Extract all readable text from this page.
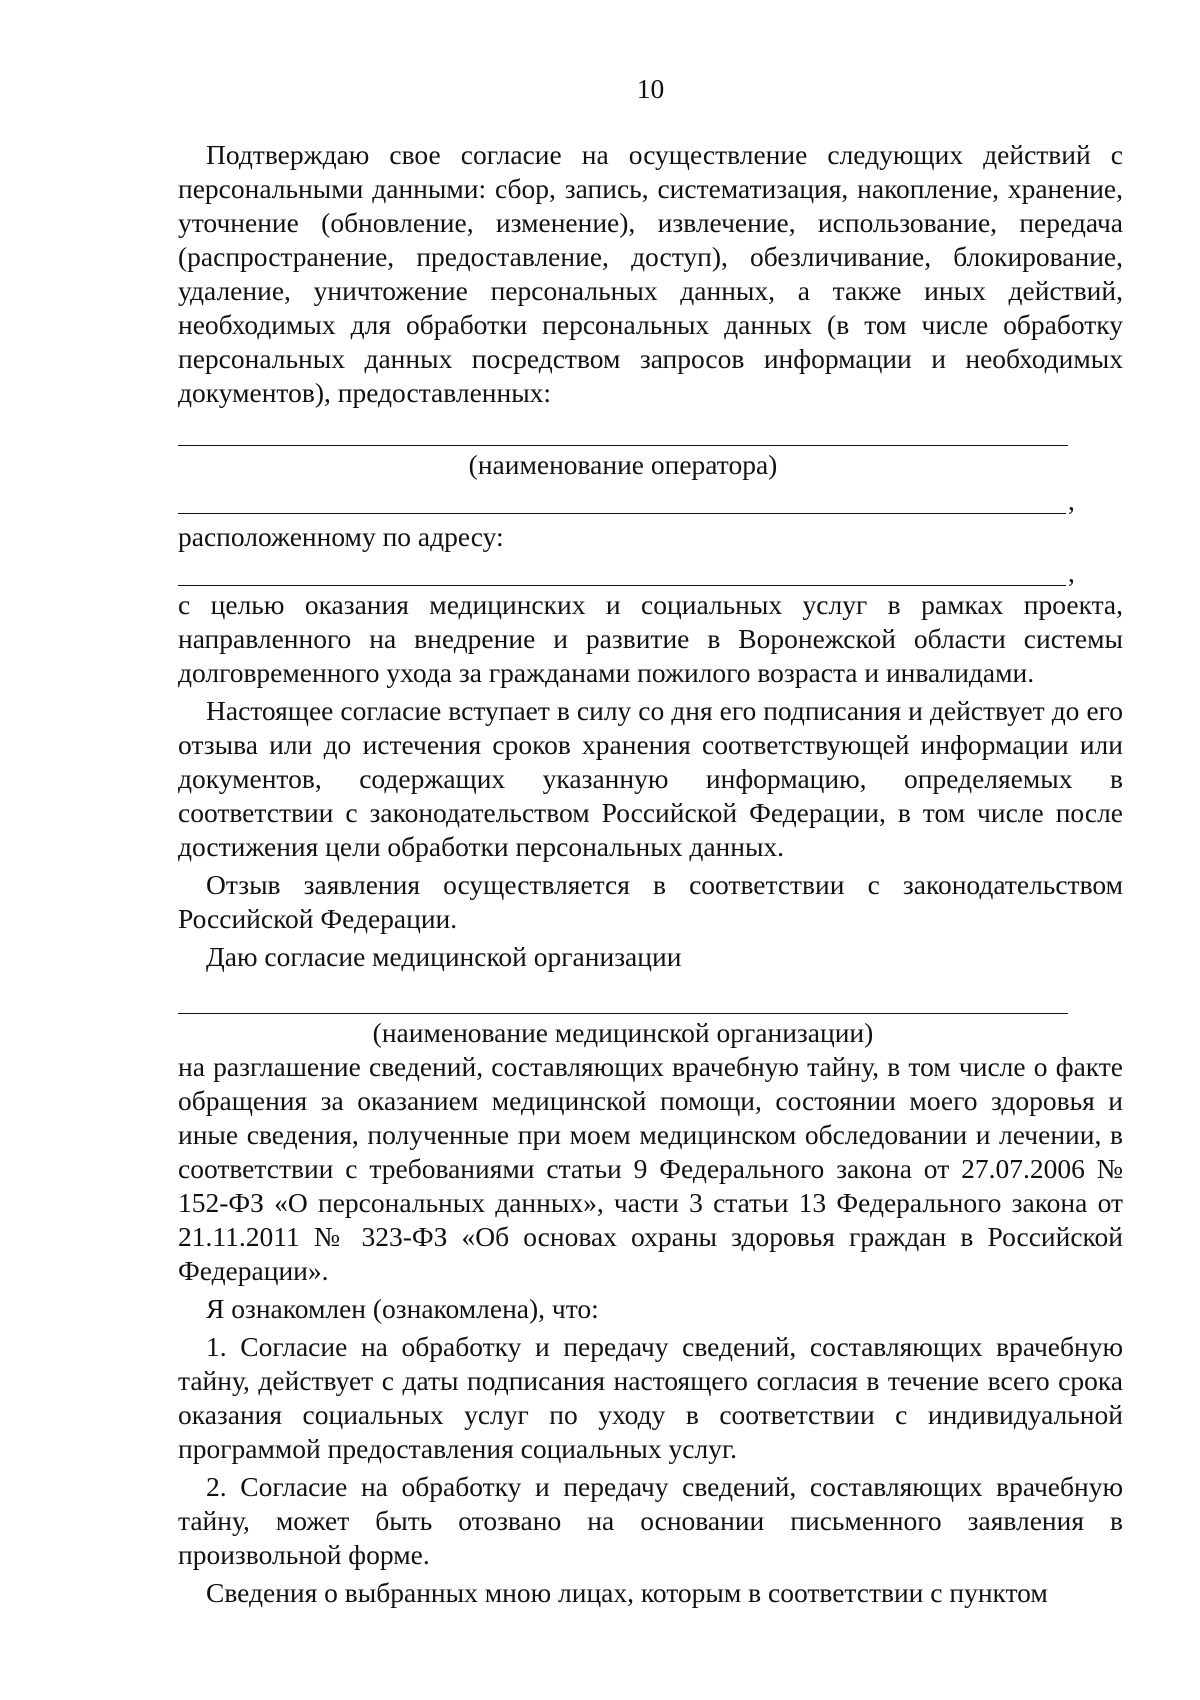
10

Подтверждаю свое согласие на осуществление следующих действий с персональными данными: сбор, запись, систематизация, накопление, хранение, уточнение (обновление, изменение), извлечение, использование, передача (распространение, предоставление, доступ), обезличивание, блокирование, удаление, уничтожение персональных данных, а также иных действий, необходимых для обработки персональных данных (в том числе обработку персональных данных посредством запросов информации и необходимых документов), предоставленных:

(наименование оператора)

,

расположенному по адресу:

,

с целью оказания медицинских и социальных услуг в рамках проекта, направленного на внедрение и развитие в Воронежской области системы долговременного ухода за гражданами пожилого возраста и инвалидами.

Настоящее согласие вступает в силу со дня его подписания и действует до его отзыва или до истечения сроков хранения соответствующей информации или документов, содержащих указанную информацию, определяемых в соответствии с законодательством Российской Федерации, в том числе после достижения цели обработки персональных данных.

Отзыв заявления осуществляется в соответствии с законодательством Российской Федерации.

Даю согласие медицинской организации

(наименование медицинской организации)

на разглашение сведений, составляющих врачебную тайну, в том числе о факте обращения за оказанием медицинской помощи, состоянии моего здоровья и иные сведения, полученные при моем медицинском обследовании и лечении, в соответствии с требованиями статьи 9 Федерального закона от 27.07.2006 № 152-ФЗ «О персональных данных», части 3 статьи 13 Федерального закона от 21.11.2011 № 323-ФЗ «Об основах охраны здоровья граждан в Российской Федерации».

Я ознакомлен (ознакомлена), что:

1. Согласие на обработку и передачу сведений, составляющих врачебную тайну, действует с даты подписания настоящего согласия в течение всего срока оказания социальных услуг по уходу в соответствии с индивидуальной программой предоставления социальных услуг.

2. Согласие на обработку и передачу сведений, составляющих врачебную тайну, может быть отозвано на основании письменного заявления в произвольной форме.

Сведения о выбранных мною лицах, которым в соответствии с пунктом
